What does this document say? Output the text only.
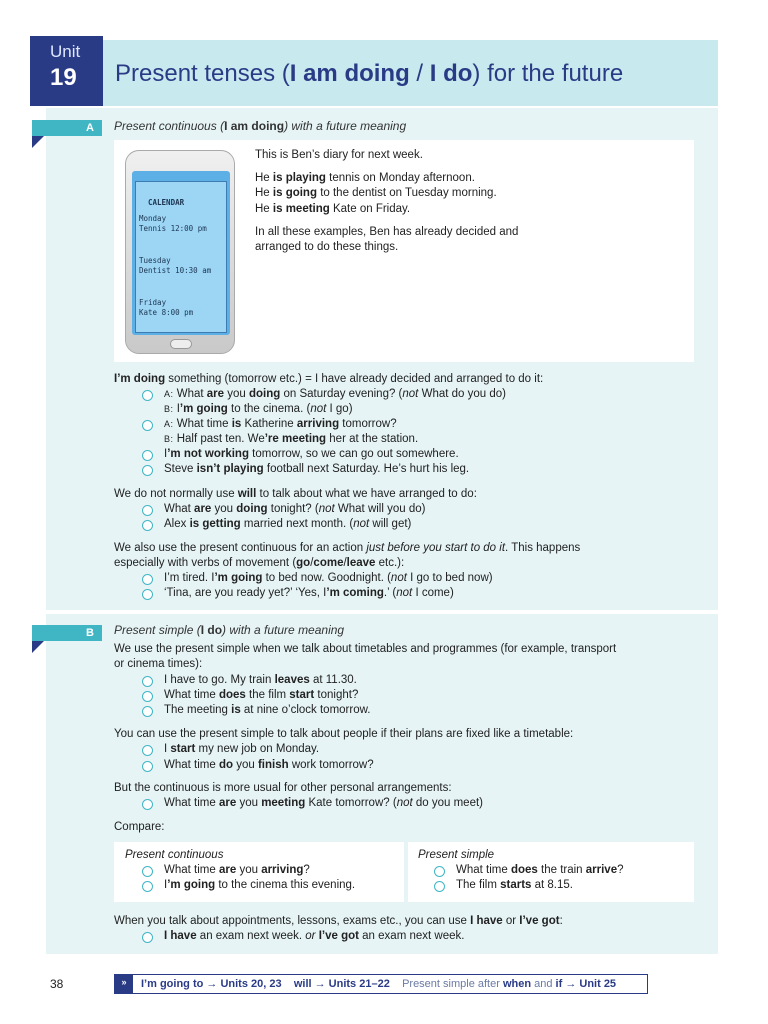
Unit
19 Present tenses (I am doing / I do) for the future
A	Present continuous (I am doing) with a future meaning
CALENDAR
Monday
Tennis 12:00 pm
Tuesday
Dentist 10:30 am
Friday
Kate 8:00 pm
This is Ben’s diary for next week.
He is playing tennis on Monday afternoon.
He is going to the dentist on Tuesday morning.
He is meeting Kate on Friday.
In all these examples, Ben has already decided and
arranged to do these things.
I’m doing something (tomorrow etc.) = I have already decided and arranged to do it:
A: What are you doing on Saturday evening? (not What do you do)
B: I’m going to the cinema. (not I go)
A: What time is Katherine arriving tomorrow?
B: Half past ten. We’re meeting her at the station.
I’m not working tomorrow, so we can go out somewhere.
Steve isn’t playing football next Saturday. He’s hurt his leg.
We do not normally use will to talk about what we have arranged to do:
What are you doing tonight? (not What will you do)
Alex is getting married next month. (not will get)
We also use the present continuous for an action just before you start to do it. This happens
especially with verbs of movement (go/come/leave etc.):
I’m tired. I’m going to bed now. Goodnight. (not I go to bed now)
‘Tina, are you ready yet?’ ‘Yes, I’m coming.’ (not I come)
B	Present simple (I do) with a future meaning
We use the present simple when we talk about timetables and programmes (for example, transport
or cinema times):
I have to go. My train leaves at 11.30.
What time does the film start tonight?
The meeting is at nine o’clock tomorrow.
You can use the present simple to talk about people if their plans are fixed like a timetable:
I start my new job on Monday.
What time do you finish work tomorrow?
But the continuous is more usual for other personal arrangements:
What time are you meeting Kate tomorrow? (not do you meet)
Compare:
Present continuous
What time are you arriving?
I’m going to the cinema this evening.
Present simple
What time does the train arrive?
The film starts at 8.15.
When you talk about appointments, lessons, exams etc., you can use I have or I’ve got:
I have an exam next week. or I’ve got an exam next week.
38	»	I’m going to → Units 20, 23 will → Units 21–22 Present simple after when and if → Unit 25
